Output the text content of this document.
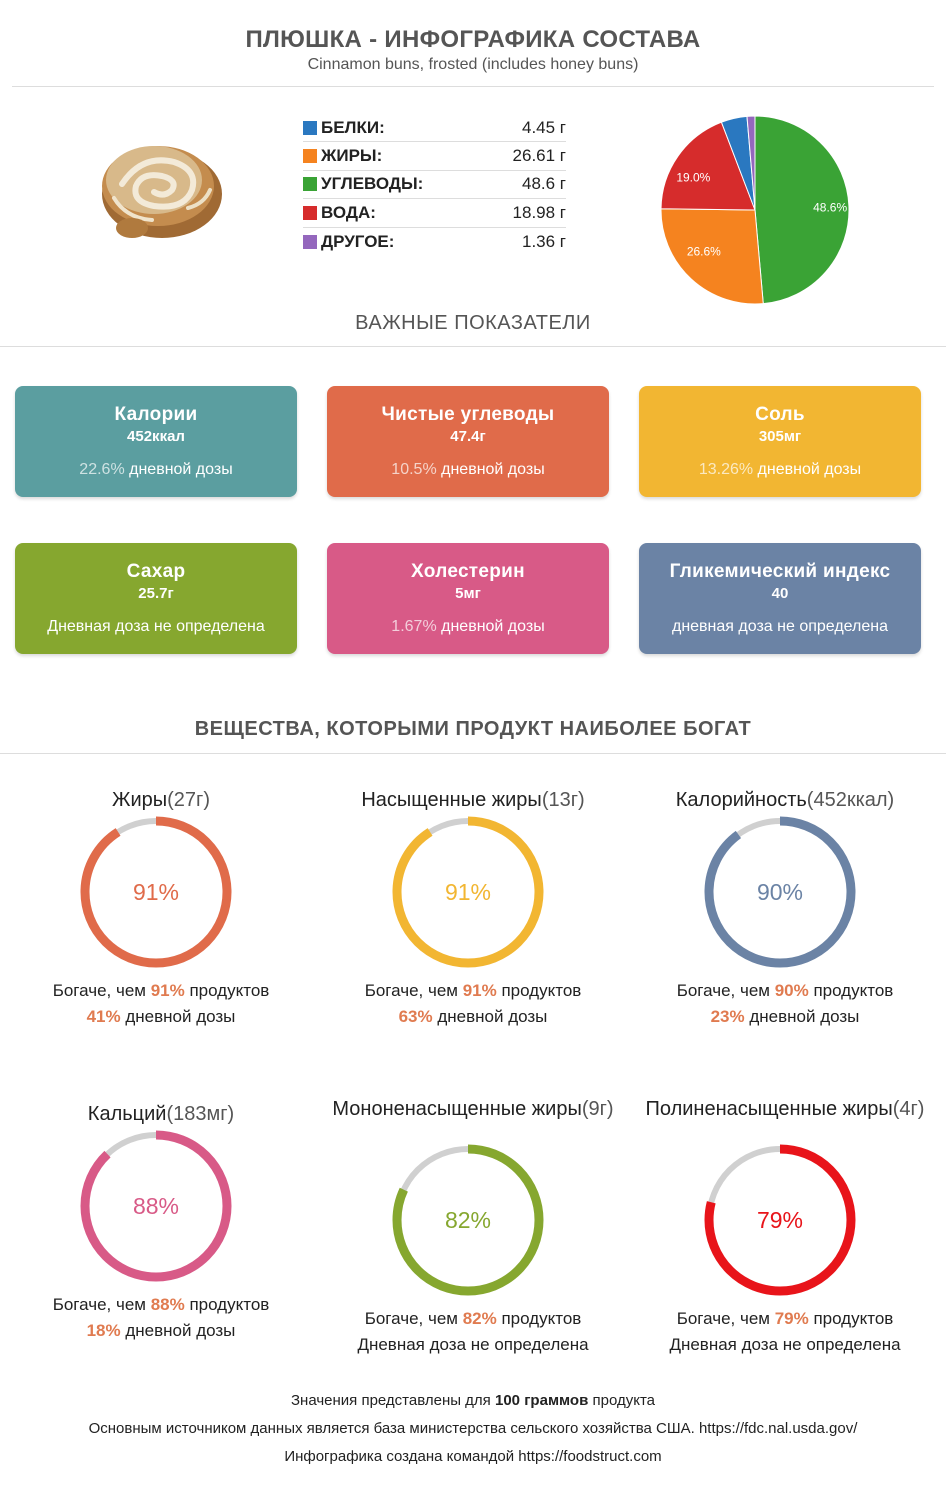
ПЛЮШКА - ИНФОГРАФИКА СОСТАВА
Cinnamon buns, frosted (includes honey buns)
БЕЛКИ:	4.45 г
ЖИРЫ:	26.61 г
УГЛЕВОДЫ:	48.6 г
ВОДА:	18.98 г
ДРУГОЕ:	1.36 г
48.6%
26.6%
19.0%
ВАЖНЫЕ ПОКАЗАТЕЛИ
Калории
452ккал
22.6% дневной дозы
Чистые углеводы
47.4г
10.5% дневной дозы
Соль
305мг
13.26% дневной дозы
Сахар
25.7г
Дневная доза не определена
Холестерин
5мг
1.67% дневной дозы
Гликемический индекс
40
дневная доза не определена
ВЕЩЕСТВА, КОТОРЫМИ ПРОДУКТ НАИБОЛЕЕ БОГАТ
Жиры(27г)
91%
Богаче, чем 91% продуктов
41% дневной дозы
Насыщенные жиры(13г)
91%
Богаче, чем 91% продуктов
63% дневной дозы
Калорийность(452ккал)
90%
Богаче, чем 90% продуктов
23% дневной дозы
Кальций(183мг)
88%
Богаче, чем 88% продуктов
18% дневной дозы
Мононенасыщенные жиры(9г)
82%
Богаче, чем 82% продуктов
Дневная доза не определена
Полиненасыщенные жиры(4г)
79%
Богаче, чем 79% продуктов
Дневная доза не определена
Значения представлены для 100 граммов продукта
Основным источником данных является база министерства сельского хозяйства США. https://fdc.nal.usda.gov/
Инфографика создана командой https://foodstruct.com
